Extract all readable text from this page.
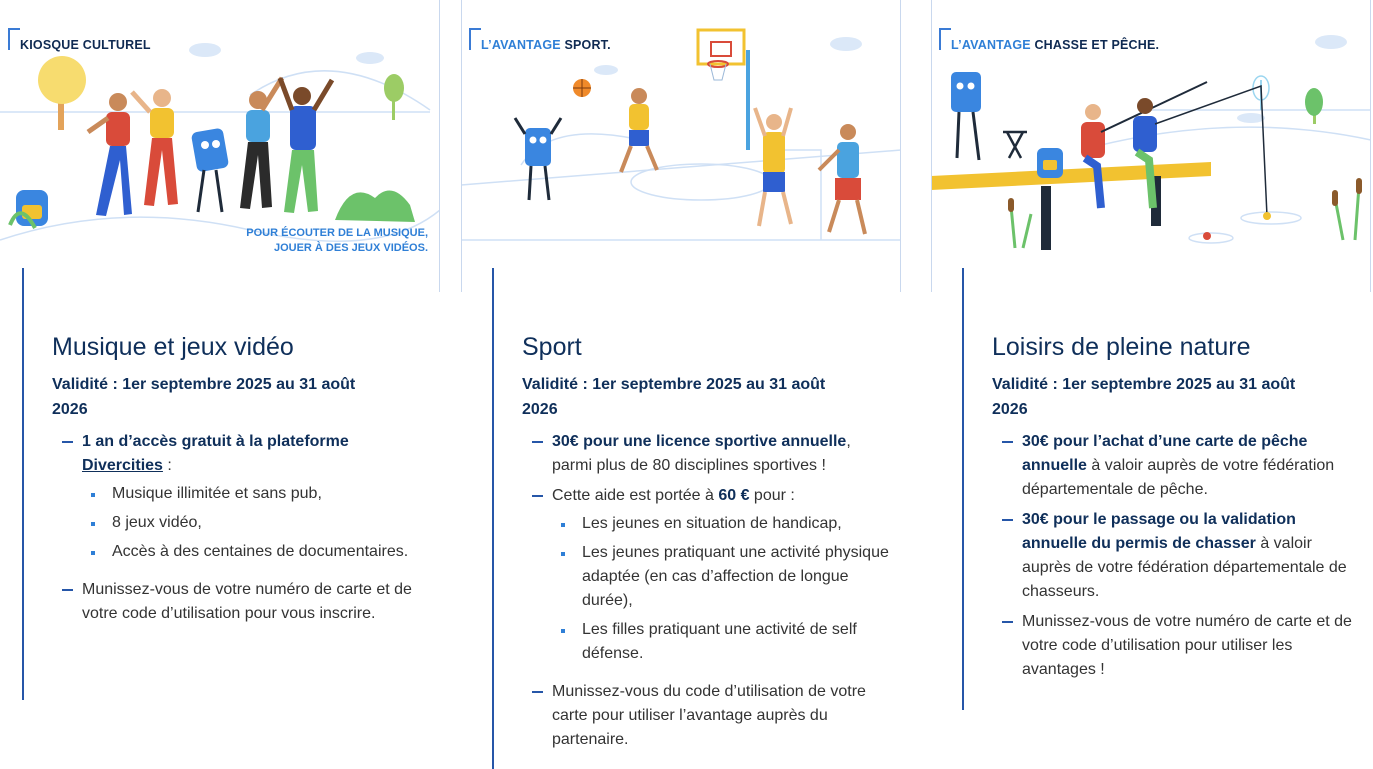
KIOSQUE CULTUREL
POUR ÉCOUTER DE LA MUSIQUE,
JOUER À DES JEUX VIDÉOS.
Musique et jeux vidéo

Validité : 1er septembre 2025 au 31 août 2026

1 an d’accès gratuit à la plateforme Divercities :
Musique illimitée et sans pub,
8 jeux vidéo,
Accès à des centaines de documentaires.
Munissez-vous de votre numéro de carte et de votre code d’utilisation pour vous inscrire.
L’AVANTAGE SPORT.
Sport

Validité : 1er septembre 2025 au 31 août 2026

30€ pour une licence sportive annuelle, parmi plus de 80 disciplines sportives !
Cette aide est portée à 60 € pour :
Les jeunes en situation de handicap,
Les jeunes pratiquant une activité physique adaptée (en cas d’affection de longue durée),
Les filles pratiquant une activité de self défense.
Munissez-vous du code d’utilisation de votre carte pour utiliser l’avantage auprès du partenaire.
L’AVANTAGE CHASSE ET PÊCHE.
Loisirs de pleine nature

Validité : 1er septembre 2025 au 31 août 2026

30€ pour l’achat d’une carte de pêche annuelle à valoir auprès de votre fédération départementale de pêche.
30€ pour le passage ou la validation annuelle du permis de chasser à valoir auprès de votre fédération départementale de chasseurs.
Munissez-vous de votre numéro de carte et de votre code d’utilisation pour utiliser les avantages !
